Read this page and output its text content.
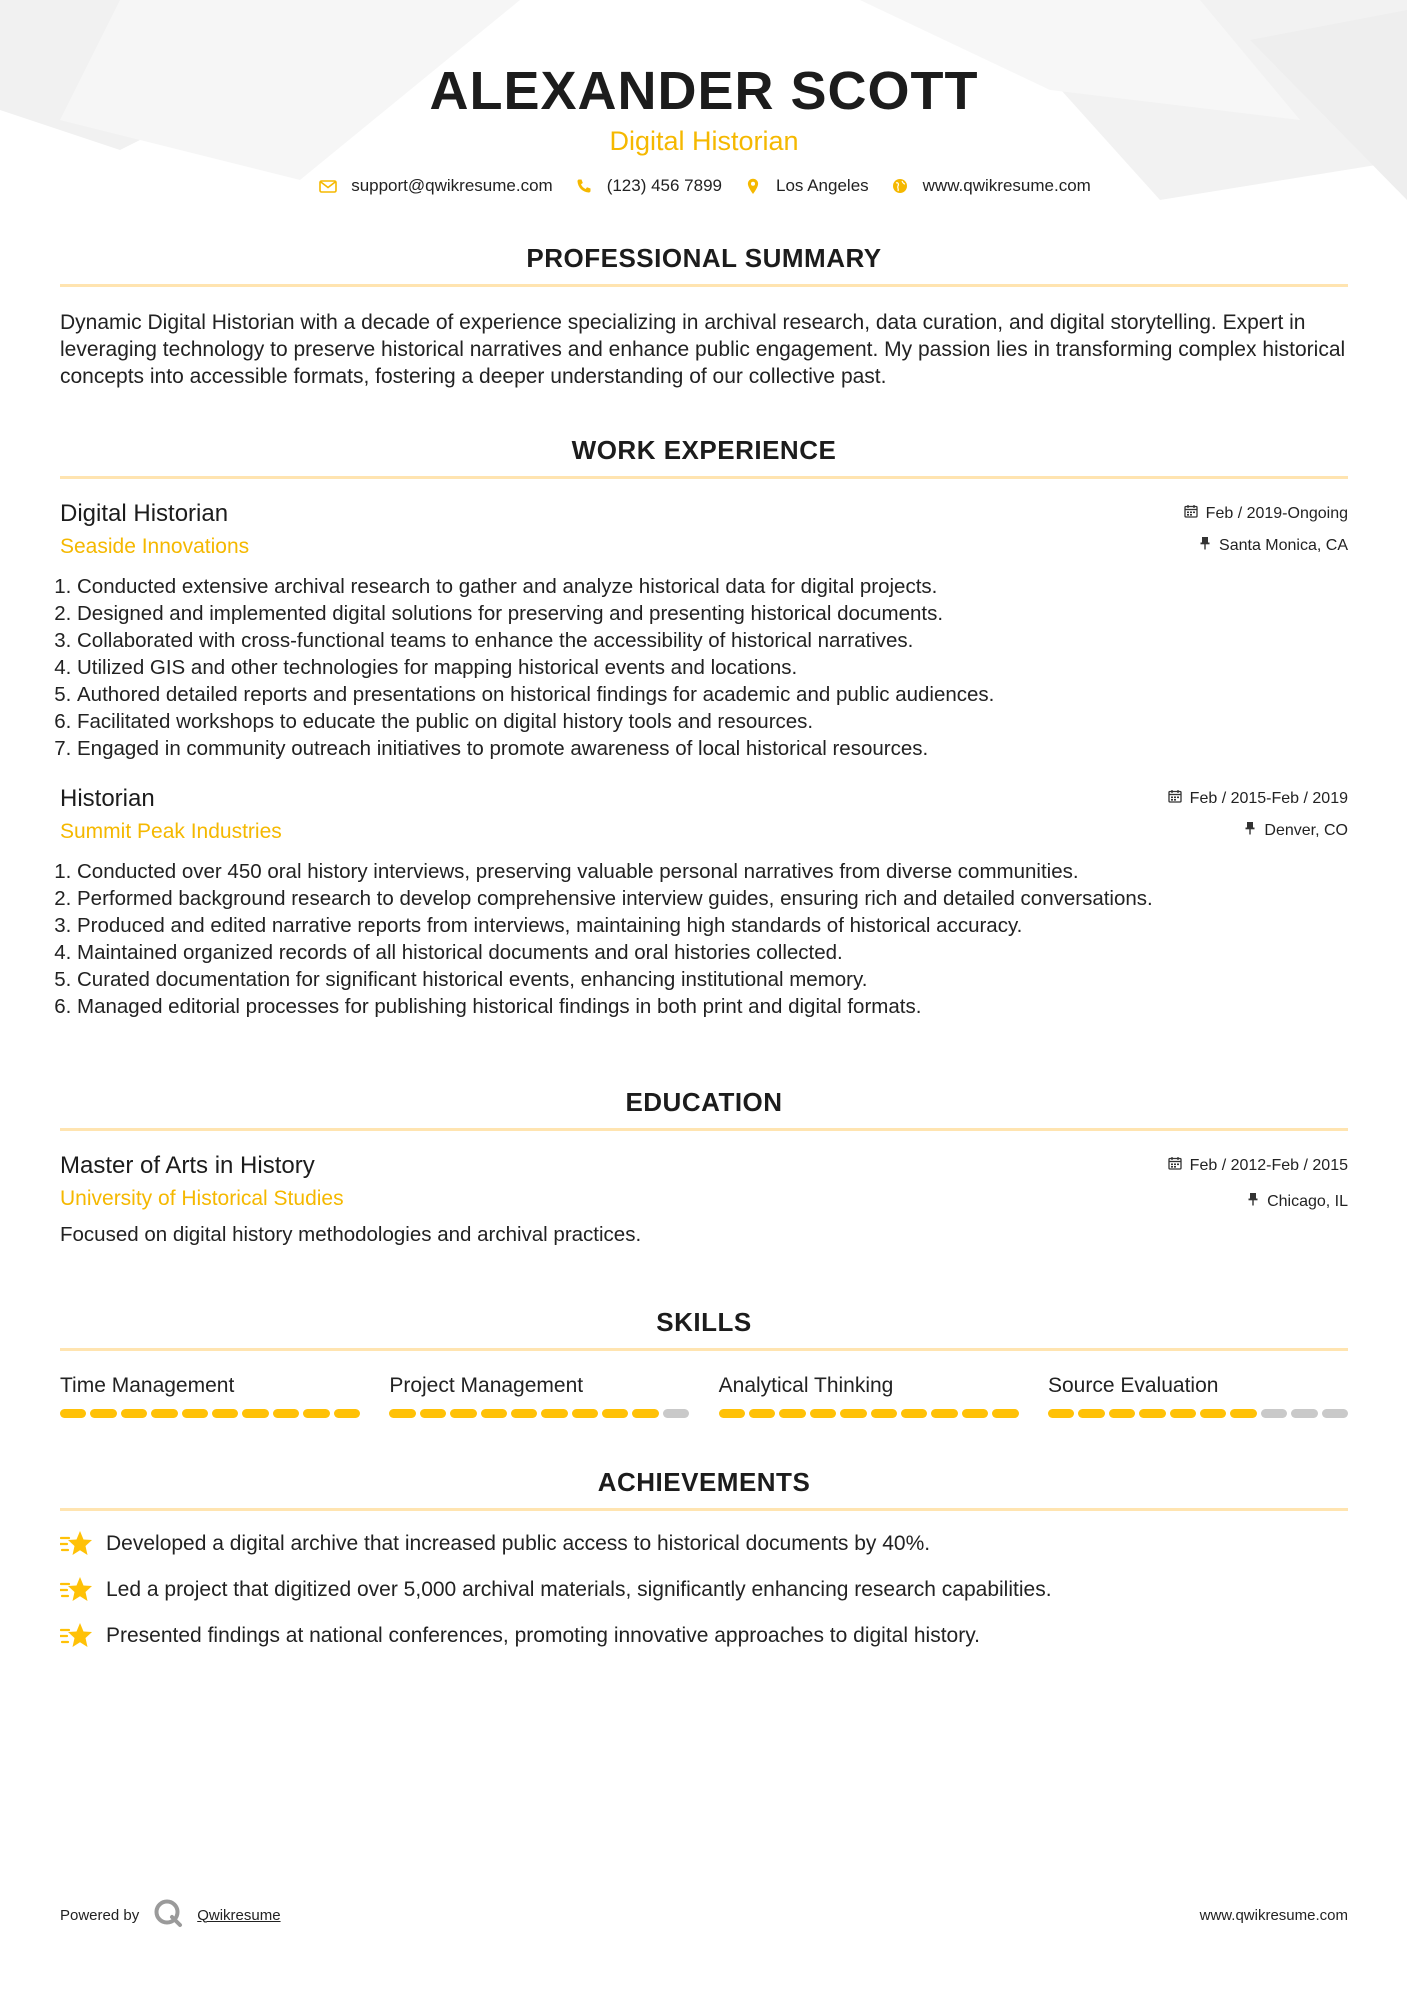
ALEXANDER SCOTT
Digital Historian
support@qwikresume.com	(123) 456 7899	Los Angeles	www.qwikresume.com
PROFESSIONAL SUMMARY
Dynamic Digital Historian with a decade of experience specializing in archival research, data curation, and digital storytelling. Expert in leveraging technology to preserve historical narratives and enhance public engagement. My passion lies in transforming complex historical concepts into accessible formats, fostering a deeper understanding of our collective past.
WORK EXPERIENCE
Digital Historian
Seaside Innovations
Feb / 2019-Ongoing
Santa Monica, CA
1. Conducted extensive archival research to gather and analyze historical data for digital projects.
2. Designed and implemented digital solutions for preserving and presenting historical documents.
3. Collaborated with cross-functional teams to enhance the accessibility of historical narratives.
4. Utilized GIS and other technologies for mapping historical events and locations.
5. Authored detailed reports and presentations on historical findings for academic and public audiences.
6. Facilitated workshops to educate the public on digital history tools and resources.
7. Engaged in community outreach initiatives to promote awareness of local historical resources.
Historian
Summit Peak Industries
Feb / 2015-Feb / 2019
Denver, CO
1. Conducted over 450 oral history interviews, preserving valuable personal narratives from diverse communities.
2. Performed background research to develop comprehensive interview guides, ensuring rich and detailed conversations.
3. Produced and edited narrative reports from interviews, maintaining high standards of historical accuracy.
4. Maintained organized records of all historical documents and oral histories collected.
5. Curated documentation for significant historical events, enhancing institutional memory.
6. Managed editorial processes for publishing historical findings in both print and digital formats.
EDUCATION
Master of Arts in History
University of Historical Studies
Feb / 2012-Feb / 2015
Chicago, IL
Focused on digital history methodologies and archival practices.
SKILLS
Time Management	Project Management	Analytical Thinking	Source Evaluation
ACHIEVEMENTS
Developed a digital archive that increased public access to historical documents by 40%.
Led a project that digitized over 5,000 archival materials, significantly enhancing research capabilities.
Presented findings at national conferences, promoting innovative approaches to digital history.
Powered by	Qwikresume	www.qwikresume.com
